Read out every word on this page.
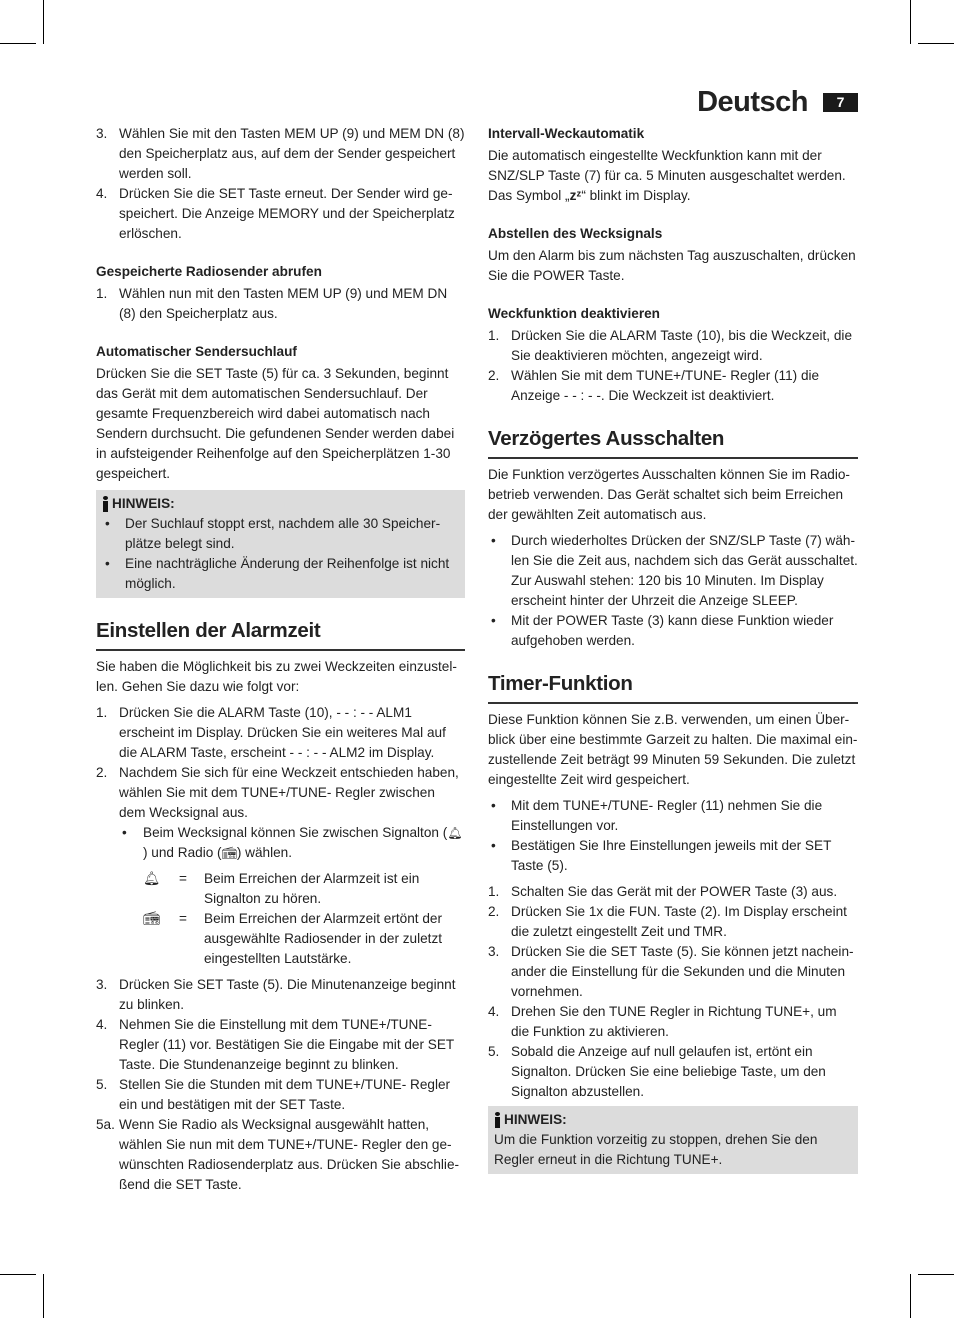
Deutsch	7
3. Wählen Sie mit den Tasten MEM UP (9) und MEM DN (8) den Speicherplatz aus, auf dem der Sender gespeichert werden soll.
4. Drücken Sie die SET Taste erneut. Der Sender wird gespeichert. Die Anzeige MEMORY und der Speicherplatz erlöschen.

Gespeicherte Radiosender abrufen

1. Wählen nun mit den Tasten MEM UP (9) und MEM DN (8) den Speicherplatz aus.

Automatischer Sendersuchlauf

Drücken Sie die SET Taste (5) für ca. 3 Sekunden, beginnt das Gerät mit dem automatischen Sendersuchlauf. Der gesamte Frequenzbereich wird dabei automatisch nach Sendern durchsucht. Die gefundenen Sender werden dabei in aufsteigender Reihenfolge auf den Speicherplätzen 1-30 gespeichert.

HINWEIS:
• Der Suchlauf stoppt erst, nachdem alle 30 Speicherplätze belegt sind.
• Eine nachträgliche Änderung der Reihenfolge ist nicht möglich.
Einstellen der Alarmzeit

Sie haben die Möglichkeit bis zu zwei Weckzeiten einzustellen. Gehen Sie dazu wie folgt vor:

1. Drücken Sie die ALARM Taste (10), - - : - - ALM1 erscheint im Display. Drücken Sie ein weiteres Mal auf die ALARM Taste, erscheint - - : - - ALM2 im Display.
2. Nachdem Sie sich für eine Weckzeit entschieden haben, wählen Sie mit dem TUNE+/TUNE- Regler zwischen dem Wecksignal aus.
• Beim Wecksignal können Sie zwischen Signalton (🔔︎) und Radio (📻︎) wählen.
🔔︎	=	Beim Erreichen der Alarmzeit ist ein Signalton zu hören.
📻︎	=	Beim Erreichen der Alarmzeit ertönt der ausgewählte Radiosender in der zuletzt eingestellten Lautstärke.
3. Drücken Sie SET Taste (5). Die Minutenanzeige beginnt zu blinken.
4. Nehmen Sie die Einstellung mit dem TUNE+/TUNE- Regler (11) vor. Bestätigen Sie die Eingabe mit der SET Taste. Die Stundenanzeige beginnt zu blinken.
5. Stellen Sie die Stunden mit dem TUNE+/TUNE- Regler ein und bestätigen mit der SET Taste.
5a. Wenn Sie Radio als Wecksignal ausgewählt hatten, wählen Sie nun mit dem TUNE+/TUNE- Regler den gewünschten Radiosenderplatz aus. Drücken Sie abschließend die SET Taste.

Intervall-Weckautomatik

Die automatisch eingestellte Weckfunktion kann mit der SNZ/SLP Taste (7) für ca. 5 Minuten ausgeschaltet werden. Das Symbol „zᶻ“ blinkt im Display.

Abstellen des Wecksignals

Um den Alarm bis zum nächsten Tag auszuschalten, drücken Sie die POWER Taste.

Weckfunktion deaktivieren

1. Drücken Sie die ALARM Taste (10), bis die Weckzeit, die Sie deaktivieren möchten, angezeigt wird.
2. Wählen Sie mit dem TUNE+/TUNE- Regler (11) die Anzeige - - : - -. Die Weckzeit ist deaktiviert.
Verzögertes Ausschalten

Die Funktion verzögertes Ausschalten können Sie im Radiobetrieb verwenden. Das Gerät schaltet sich beim Erreichen der gewählten Zeit automatisch aus.

• Durch wiederholtes Drücken der SNZ/SLP Taste (7) wählen Sie die Zeit aus, nachdem sich das Gerät ausschaltet. Zur Auswahl stehen: 120 bis 10 Minuten. Im Display erscheint hinter der Uhrzeit die Anzeige SLEEP.
• Mit der POWER Taste (3) kann diese Funktion wieder aufgehoben werden.
Timer-Funktion

Diese Funktion können Sie z.B. verwenden, um einen Überblick über eine bestimmte Garzeit zu halten. Die maximal einzustellende Zeit beträgt 99 Minuten 59 Sekunden. Die zuletzt eingestellte Zeit wird gespeichert.

• Mit dem TUNE+/TUNE- Regler (11) nehmen Sie die Einstellungen vor.
• Bestätigen Sie Ihre Einstellungen jeweils mit der SET Taste (5).
1. Schalten Sie das Gerät mit der POWER Taste (3) aus.
2. Drücken Sie 1x die FUN. Taste (2). Im Display erscheint die zuletzt eingestellt Zeit und TMR.
3. Drücken Sie die SET Taste (5). Sie können jetzt nacheinander die Einstellung für die Sekunden und die Minuten vornehmen.
4. Drehen Sie den TUNE Regler in Richtung TUNE+, um die Funktion zu aktivieren.
5. Sobald die Anzeige auf null gelaufen ist, ertönt ein Signalton. Drücken Sie eine beliebige Taste, um den Signalton abzustellen.
HINWEIS:

Um die Funktion vorzeitig zu stoppen, drehen Sie den Regler erneut in die Richtung TUNE+.
